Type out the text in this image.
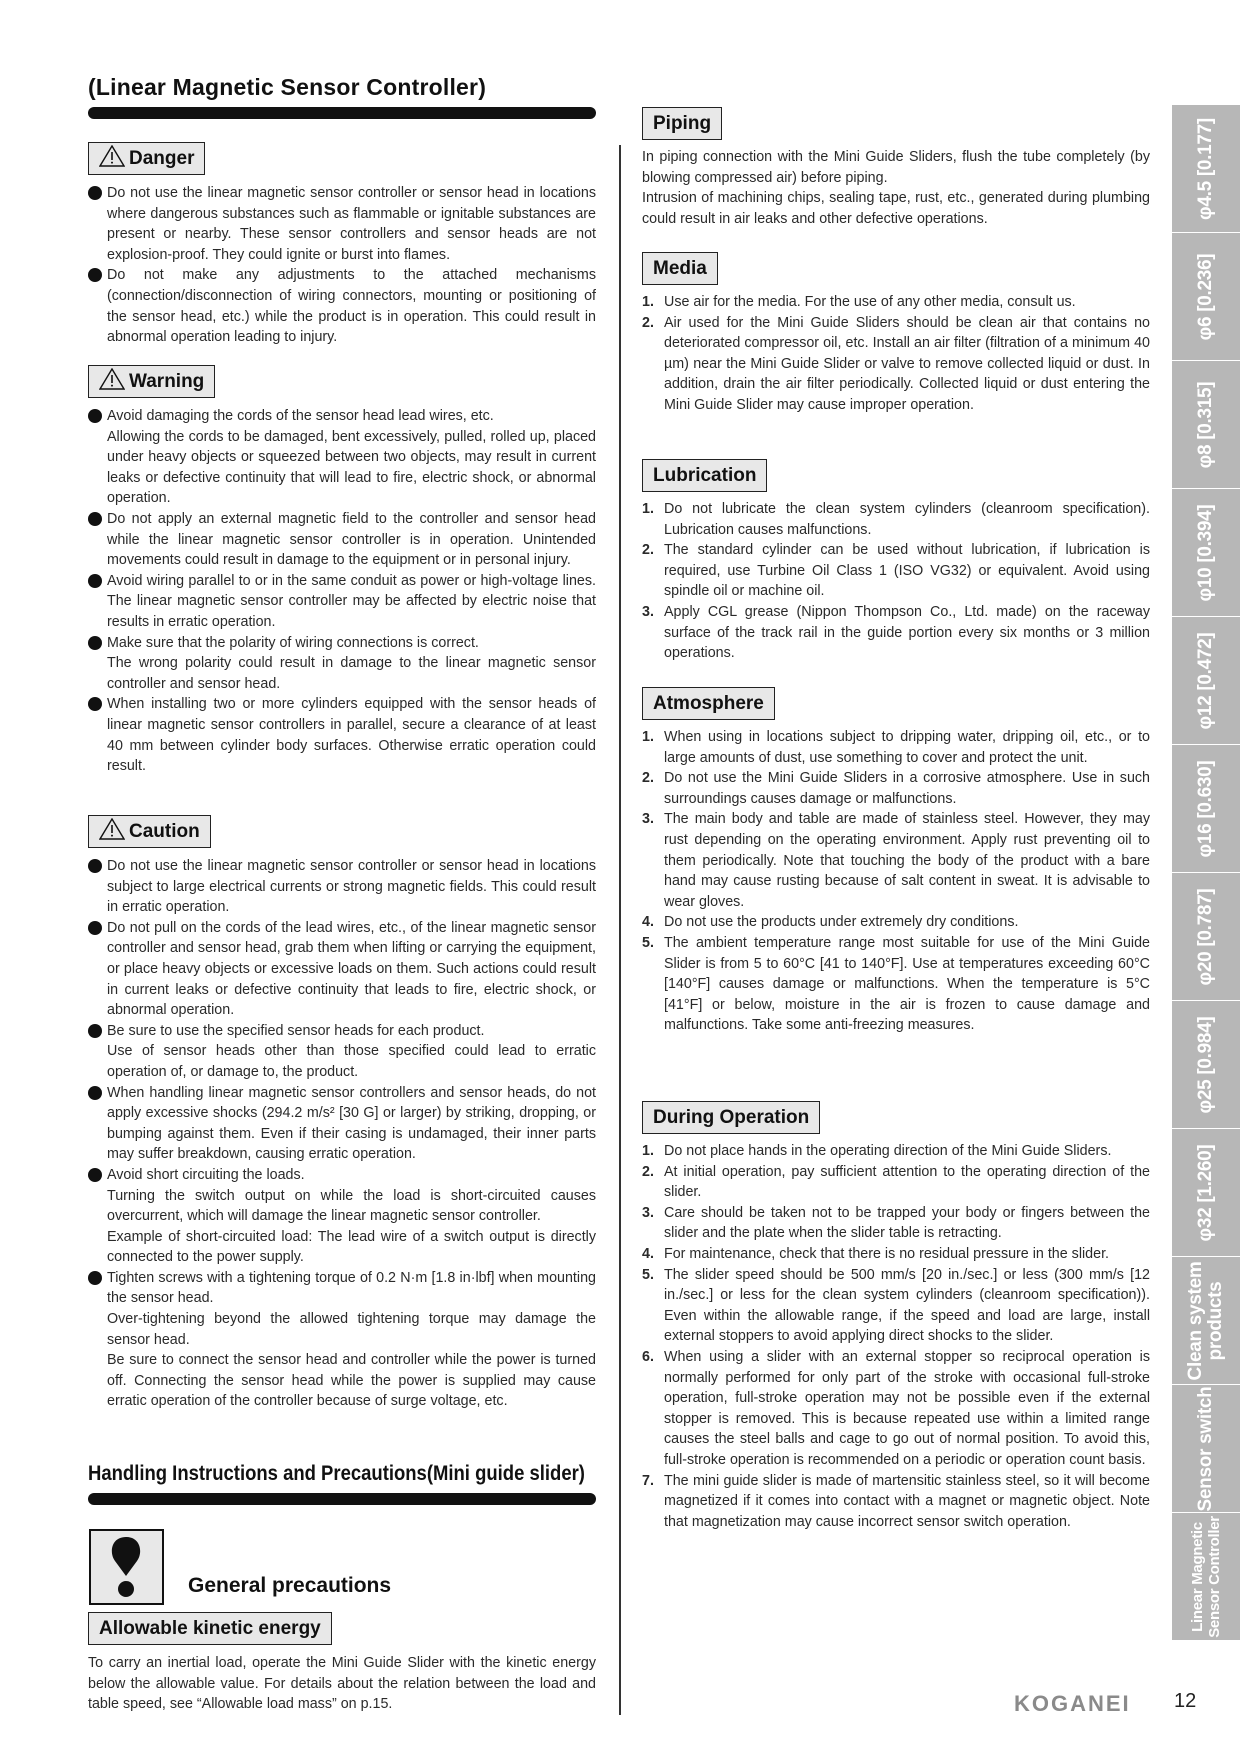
(Linear Magnetic Sensor Controller)
Danger

Do not use the linear magnetic sensor controller or sensor head in locations where dangerous substances such as flammable or ignitable substances are present or nearby. These sensor controllers and sensor heads are not explosion-proof. They could ignite or burst into flames.

Do not make any adjustments to the attached mechanisms (connection/disconnection of wiring connectors, mounting or positioning of the sensor head, etc.) while the product is in operation. This could result in abnormal operation leading to injury.

Warning

Avoid damaging the cords of the sensor head lead wires, etc.

Allowing the cords to be damaged, bent excessively, pulled, rolled up, placed under heavy objects or squeezed between two objects, may result in current leaks or defective continuity that will lead to fire, electric shock, or abnormal operation.

Do not apply an external magnetic field to the controller and sensor head while the linear magnetic sensor controller is in operation. Unintended movements could result in damage to the equipment or in personal injury.

Avoid wiring parallel to or in the same conduit as power or high-voltage lines. The linear magnetic sensor controller may be affected by electric noise that results in erratic operation.

Make sure that the polarity of wiring connections is correct.

The wrong polarity could result in damage to the linear magnetic sensor controller and sensor head.

When installing two or more cylinders equipped with the sensor heads of linear magnetic sensor controllers in parallel, secure a clearance of at least 40 mm between cylinder body surfaces. Otherwise erratic operation could result.

Caution

Do not use the linear magnetic sensor controller or sensor head in locations subject to large electrical currents or strong magnetic fields. This could result in erratic operation.

Do not pull on the cords of the lead wires, etc., of the linear magnetic sensor controller and sensor head, grab them when lifting or carrying the equipment, or place heavy objects or excessive loads on them. Such actions could result in current leaks or defective continuity that leads to fire, electric shock, or abnormal operation.

Be sure to use the specified sensor heads for each product.

Use of sensor heads other than those specified could lead to erratic operation of, or damage to, the product.

When handling linear magnetic sensor controllers and sensor heads, do not apply excessive shocks (294.2 m/s² [30 G] or larger) by striking, dropping, or bumping against them. Even if their casing is undamaged, their inner parts may suffer breakdown, causing erratic operation.

Avoid short circuiting the loads.

Turning the switch output on while the load is short-circuited causes overcurrent, which will damage the linear magnetic sensor controller.

Example of short-circuited load: The lead wire of a switch output is directly connected to the power supply.

Tighten screws with a tightening torque of 0.2 N·m [1.8 in·lbf] when mounting the sensor head.

Over-tightening beyond the allowed tightening torque may damage the sensor head.

Be sure to connect the sensor head and controller while the power is turned off. Connecting the sensor head while the power is supplied may cause erratic operation of the controller because of surge voltage, etc.

Handling Instructions and Precautions(Mini guide slider)
General precautions
Allowable kinetic energy
To carry an inertial load, operate the Mini Guide Slider with the kinetic energy below the allowable value. For details about the relation between the load and table speed, see “Allowable load mass” on p.15.
Piping
In piping connection with the Mini Guide Sliders, flush the tube completely (by blowing compressed air) before piping.
Intrusion of machining chips, sealing tape, rust, etc., generated during plumbing could result in air leaks and other defective operations.
Media
1. Use air for the media. For the use of any other media, consult us.
2. Air used for the Mini Guide Sliders should be clean air that contains no deteriorated compressor oil, etc. Install an air filter (filtration of a minimum 40 µm) near the Mini Guide Slider or valve to remove collected liquid or dust. In addition, drain the air filter periodically. Collected liquid or dust entering the Mini Guide Slider may cause improper operation.
Lubrication
1. Do not lubricate the clean system cylinders (cleanroom specification). Lubrication causes malfunctions.
2. The standard cylinder can be used without lubrication, if lubrication is required, use Turbine Oil Class 1 (ISO VG32) or equivalent. Avoid using spindle oil or machine oil.
3. Apply CGL grease (Nippon Thompson Co., Ltd. made) on the raceway surface of the track rail in the guide portion every six months or 3 million operations.
Atmosphere
1. When using in locations subject to dripping water, dripping oil, etc., or to large amounts of dust, use something to cover and protect the unit.
2. Do not use the Mini Guide Sliders in a corrosive atmosphere. Use in such surroundings causes damage or malfunctions.
3. The main body and table are made of stainless steel. However, they may rust depending on the operating environment. Apply rust preventing oil to them periodically. Note that touching the body of the product with a bare hand may cause rusting because of salt content in sweat. It is advisable to wear gloves.
4. Do not use the products under extremely dry conditions.
5. The ambient temperature range most suitable for use of the Mini Guide Slider is from 5 to 60°C [41 to 140°F]. Use at temperatures exceeding 60°C [140°F] causes damage or malfunctions. When the temperature is 5°C [41°F] or below, moisture in the air is frozen to cause damage and malfunctions. Take some anti-freezing measures.
During Operation
1. Do not place hands in the operating direction of the Mini Guide Sliders.
2. At initial operation, pay sufficient attention to the operating direction of the slider.
3. Care should be taken not to be trapped your body or fingers between the slider and the plate when the slider table is retracting.
4. For maintenance, check that there is no residual pressure in the slider.
5. The slider speed should be 500 mm/s [20 in./sec.] or less (300 mm/s [12 in./sec.] or less for the clean system cylinders (cleanroom specification)). Even within the allowable range, if the speed and load are large, install external stoppers to avoid applying direct shocks to the slider.
6. When using a slider with an external stopper so reciprocal operation is normally performed for only part of the stroke with occasional full-stroke operation, full-stroke operation may not be possible even if the external stopper is removed. This is because repeated use within a limited range causes the steel balls and cage to go out of normal position. To avoid this, full-stroke operation is recommended on a periodic or operation count basis.
7. The mini guide slider is made of martensitic stainless steel, so it will become magnetized if it comes into contact with a magnet or magnetic object. Note that magnetization may cause incorrect sensor switch operation.
φ4.5 [0.177]
φ6 [0.236]
φ8 [0.315]
φ10 [0.394]
φ12 [0.472]
φ16 [0.630]
φ20 [0.787]
φ25 [0.984]
φ32 [1.260]
Clean system
products
Sensor switch
Linear Magnetic
Sensor Controller
KOGANEI 12
